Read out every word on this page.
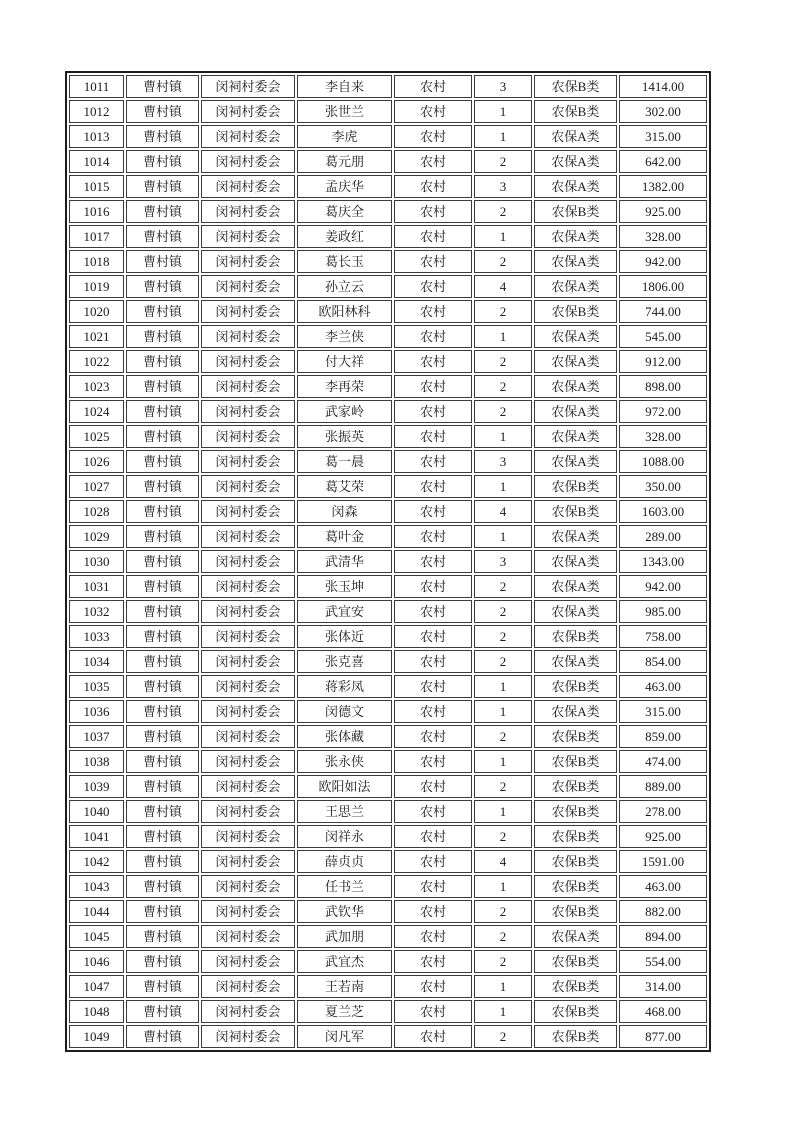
1011	曹村镇	闵祠村委会	李自来	农村	3	农保B类	1414.00
1012	曹村镇	闵祠村委会	张世兰	农村	1	农保B类	302.00
1013	曹村镇	闵祠村委会	李虎	农村	1	农保A类	315.00
1014	曹村镇	闵祠村委会	葛元朋	农村	2	农保A类	642.00
1015	曹村镇	闵祠村委会	孟庆华	农村	3	农保A类	1382.00
1016	曹村镇	闵祠村委会	葛庆全	农村	2	农保B类	925.00
1017	曹村镇	闵祠村委会	姜政红	农村	1	农保A类	328.00
1018	曹村镇	闵祠村委会	葛长玉	农村	2	农保A类	942.00
1019	曹村镇	闵祠村委会	孙立云	农村	4	农保A类	1806.00
1020	曹村镇	闵祠村委会	欧阳林科	农村	2	农保B类	744.00
1021	曹村镇	闵祠村委会	李兰侠	农村	1	农保A类	545.00
1022	曹村镇	闵祠村委会	付大祥	农村	2	农保A类	912.00
1023	曹村镇	闵祠村委会	李再荣	农村	2	农保A类	898.00
1024	曹村镇	闵祠村委会	武家岭	农村	2	农保A类	972.00
1025	曹村镇	闵祠村委会	张振英	农村	1	农保A类	328.00
1026	曹村镇	闵祠村委会	葛一晨	农村	3	农保A类	1088.00
1027	曹村镇	闵祠村委会	葛艾荣	农村	1	农保B类	350.00
1028	曹村镇	闵祠村委会	闵森	农村	4	农保B类	1603.00
1029	曹村镇	闵祠村委会	葛叶金	农村	1	农保A类	289.00
1030	曹村镇	闵祠村委会	武清华	农村	3	农保A类	1343.00
1031	曹村镇	闵祠村委会	张玉坤	农村	2	农保A类	942.00
1032	曹村镇	闵祠村委会	武宜安	农村	2	农保A类	985.00
1033	曹村镇	闵祠村委会	张体近	农村	2	农保B类	758.00
1034	曹村镇	闵祠村委会	张克喜	农村	2	农保A类	854.00
1035	曹村镇	闵祠村委会	蒋彩凤	农村	1	农保B类	463.00
1036	曹村镇	闵祠村委会	闵德文	农村	1	农保A类	315.00
1037	曹村镇	闵祠村委会	张体藏	农村	2	农保B类	859.00
1038	曹村镇	闵祠村委会	张永侠	农村	1	农保B类	474.00
1039	曹村镇	闵祠村委会	欧阳如法	农村	2	农保B类	889.00
1040	曹村镇	闵祠村委会	王思兰	农村	1	农保B类	278.00
1041	曹村镇	闵祠村委会	闵祥永	农村	2	农保B类	925.00
1042	曹村镇	闵祠村委会	薛贞贞	农村	4	农保B类	1591.00
1043	曹村镇	闵祠村委会	任书兰	农村	1	农保B类	463.00
1044	曹村镇	闵祠村委会	武钦华	农村	2	农保B类	882.00
1045	曹村镇	闵祠村委会	武加朋	农村	2	农保A类	894.00
1046	曹村镇	闵祠村委会	武宜杰	农村	2	农保B类	554.00
1047	曹村镇	闵祠村委会	王若南	农村	1	农保B类	314.00
1048	曹村镇	闵祠村委会	夏兰芝	农村	1	农保B类	468.00
1049	曹村镇	闵祠村委会	闵凡军	农村	2	农保B类	877.00
